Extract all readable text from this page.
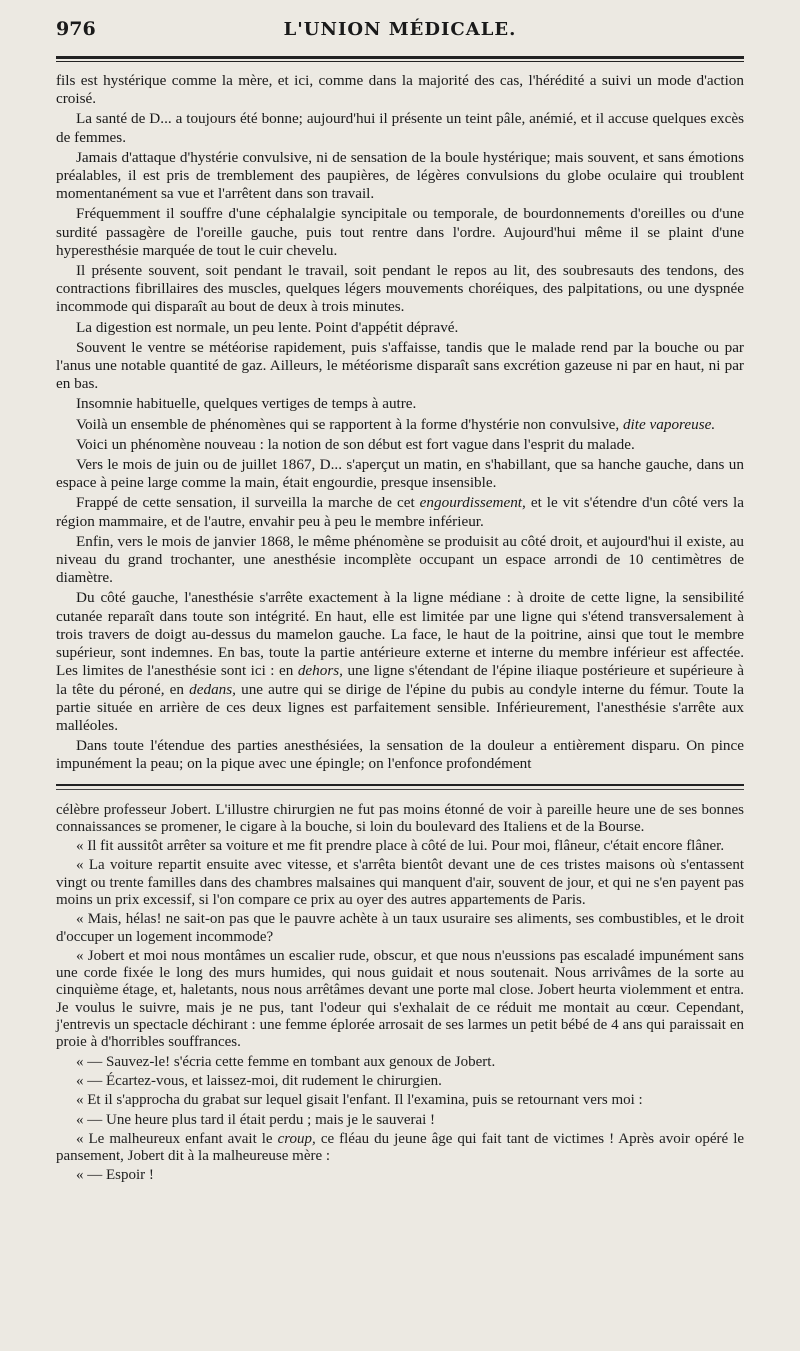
976	L'UNION MÉDICALE.

fils est hystérique comme la mère, et ici, comme dans la majorité des cas, l'hérédité a suivi un mode d'action croisé.

La santé de D... a toujours été bonne; aujourd'hui il présente un teint pâle, anémié, et il accuse quelques excès de femmes.

Jamais d'attaque d'hystérie convulsive, ni de sensation de la boule hystérique; mais souvent, et sans émotions préalables, il est pris de tremblement des paupières, de légères convulsions du globe oculaire qui troublent momentanément sa vue et l'arrêtent dans son travail.

Fréquemment il souffre d'une céphalalgie syncipitale ou temporale, de bourdonnements d'oreilles ou d'une surdité passagère de l'oreille gauche, puis tout rentre dans l'ordre. Aujourd'hui même il se plaint d'une hyperesthésie marquée de tout le cuir chevelu.

Il présente souvent, soit pendant le travail, soit pendant le repos au lit, des soubresauts des tendons, des contractions fibrillaires des muscles, quelques légers mouvements choréiques, des palpitations, ou une dyspnée incommode qui disparaît au bout de deux à trois minutes.

La digestion est normale, un peu lente. Point d'appétit dépravé.

Souvent le ventre se météorise rapidement, puis s'affaisse, tandis que le malade rend par la bouche ou par l'anus une notable quantité de gaz. Ailleurs, le météorisme disparaît sans excrétion gazeuse ni par en haut, ni par en bas.

Insomnie habituelle, quelques vertiges de temps à autre.

Voilà un ensemble de phénomènes qui se rapportent à la forme d'hystérie non convulsive, dite vaporeuse.

Voici un phénomène nouveau : la notion de son début est fort vague dans l'esprit du malade.

Vers le mois de juin ou de juillet 1867, D... s'aperçut un matin, en s'habillant, que sa hanche gauche, dans un espace à peine large comme la main, était engourdie, presque insensible.

Frappé de cette sensation, il surveilla la marche de cet engourdissement, et le vit s'étendre d'un côté vers la région mammaire, et de l'autre, envahir peu à peu le membre inférieur.

Enfin, vers le mois de janvier 1868, le même phénomène se produisit au côté droit, et aujourd'hui il existe, au niveau du grand trochanter, une anesthésie incomplète occupant un espace arrondi de 10 centimètres de diamètre.

Du côté gauche, l'anesthésie s'arrête exactement à la ligne médiane : à droite de cette ligne, la sensibilité cutanée reparaît dans toute son intégrité. En haut, elle est limitée par une ligne qui s'étend transversalement à trois travers de doigt au-dessus du mamelon gauche. La face, le haut de la poitrine, ainsi que tout le membre supérieur, sont indemnes. En bas, toute la partie antérieure externe et interne du membre inférieur est affectée. Les limites de l'anesthésie sont ici : en dehors, une ligne s'étendant de l'épine iliaque postérieure et supérieure à la tête du péroné, en dedans, une autre qui se dirige de l'épine du pubis au condyle interne du fémur. Toute la partie située en arrière de ces deux lignes est parfaitement sensible. Inférieurement, l'anesthésie s'arrête aux malléoles.

Dans toute l'étendue des parties anesthésiées, la sensation de la douleur a entièrement disparu. On pince impunément la peau; on la pique avec une épingle; on l'enfonce profondément

célèbre professeur Jobert. L'illustre chirurgien ne fut pas moins étonné de voir à pareille heure une de ses bonnes connaissances se promener, le cigare à la bouche, si loin du boulevard des Italiens et de la Bourse.

« Il fit aussitôt arrêter sa voiture et me fit prendre place à côté de lui. Pour moi, flâneur, c'était encore flâner.

« La voiture repartit ensuite avec vitesse, et s'arrêta bientôt devant une de ces tristes maisons où s'entassent vingt ou trente familles dans des chambres malsaines qui manquent d'air, souvent de jour, et qui ne s'en payent pas moins un prix excessif, si l'on compare ce prix au oyer des autres appartements de Paris.

« Mais, hélas! ne sait-on pas que le pauvre achète à un taux usuraire ses aliments, ses combustibles, et le droit d'occuper un logement incommode?

« Jobert et moi nous montâmes un escalier rude, obscur, et que nous n'eussions pas escaladé impunément sans une corde fixée le long des murs humides, qui nous guidait et nous soutenait. Nous arrivâmes de la sorte au cinquième étage, et, haletants, nous nous arrêtâmes devant une porte mal close. Jobert heurta violemment et entra. Je voulus le suivre, mais je ne pus, tant l'odeur qui s'exhalait de ce réduit me montait au cœur. Cependant, j'entrevis un spectacle déchirant : une femme éplorée arrosait de ses larmes un petit bébé de 4 ans qui paraissait en proie à d'horribles souffrances.

« — Sauvez-le! s'écria cette femme en tombant aux genoux de Jobert.

« — Écartez-vous, et laissez-moi, dit rudement le chirurgien.

« Et il s'approcha du grabat sur lequel gisait l'enfant. Il l'examina, puis se retournant vers moi :

« — Une heure plus tard il était perdu ; mais je le sauverai !

« Le malheureux enfant avait le croup, ce fléau du jeune âge qui fait tant de victimes ! Après avoir opéré le pansement, Jobert dit à la malheureuse mère :

« — Espoir !
